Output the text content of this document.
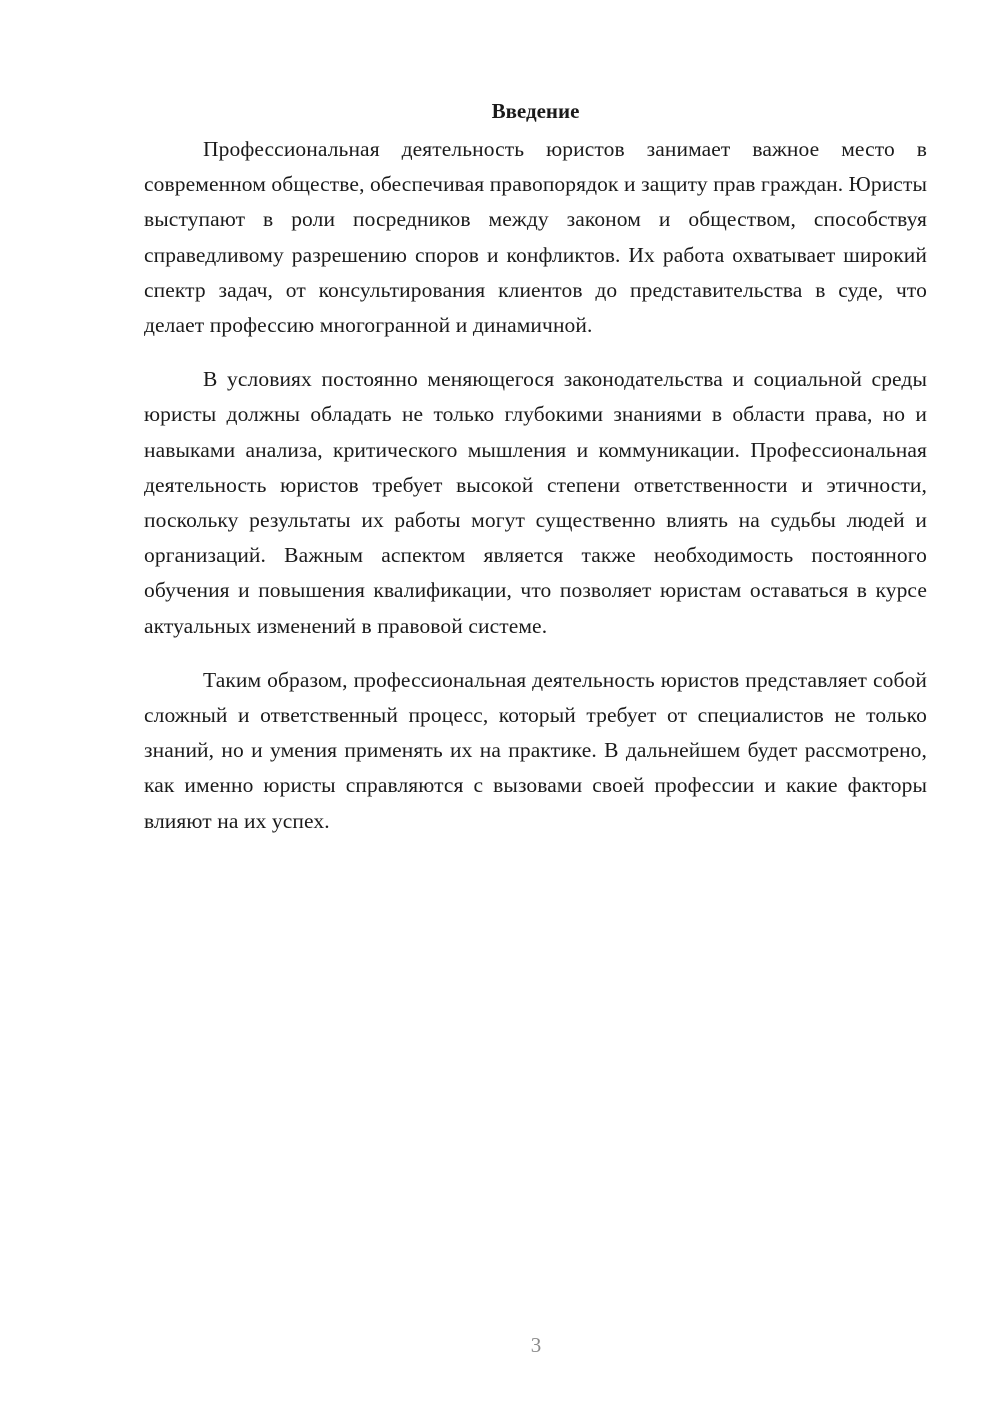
Введение

Профессиональная деятельность юристов занимает важное место в современном обществе, обеспечивая правопорядок и защиту прав граждан. Юристы выступают в роли посредников между законом и обществом, способствуя справедливому разрешению споров и конфликтов. Их работа охватывает широкий спектр задач, от консультирования клиентов до представительства в суде, что делает профессию многогранной и динамичной.

В условиях постоянно меняющегося законодательства и социальной среды юристы должны обладать не только глубокими знаниями в области права, но и навыками анализа, критического мышления и коммуникации. Профессиональная деятельность юристов требует высокой степени ответственности и этичности, поскольку результаты их работы могут существенно влиять на судьбы людей и организаций. Важным аспектом является также необходимость постоянного обучения и повышения квалификации, что позволяет юристам оставаться в курсе актуальных изменений в правовой системе.

Таким образом, профессиональная деятельность юристов представляет собой сложный и ответственный процесс, который требует от специалистов не только знаний, но и умения применять их на практике. В дальнейшем будет рассмотрено, как именно юристы справляются с вызовами своей профессии и какие факторы влияют на их успех.

3
